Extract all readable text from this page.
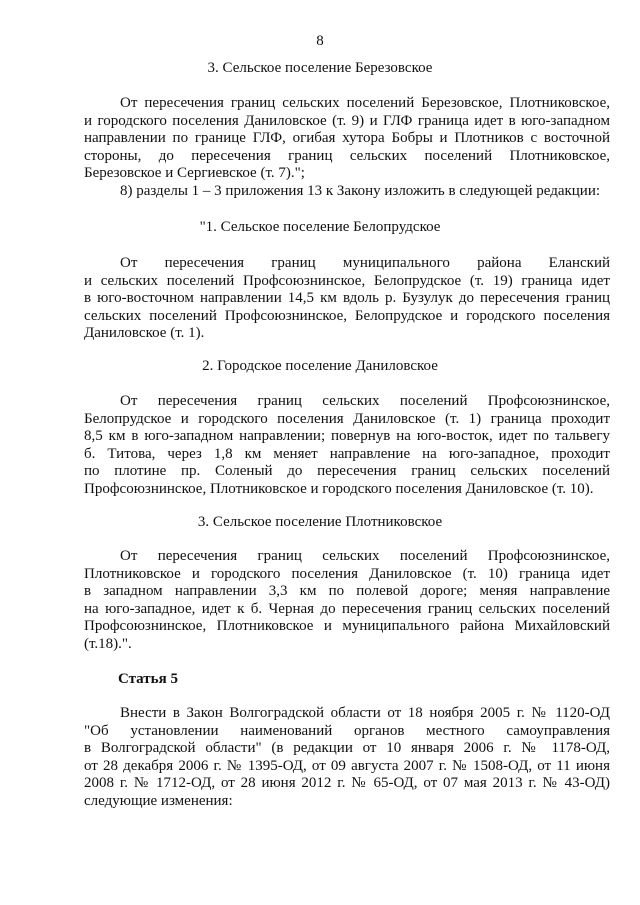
8
3. Сельское поселение Березовское
От пересечения границ сельских поселений Березовское, Плотниковское,
и городского поселения Даниловское (т. 9) и ГЛФ граница идет в юго-западном
направлении по границе ГЛФ, огибая хутора Бобры и Плотников с восточной
стороны, до пересечения границ сельских поселений Плотниковское,
Березовское и Сергиевское (т. 7).";
8) разделы 1 – 3 приложения 13 к Закону изложить в следующей редакции:
"1. Сельское поселение Белопрудское
От пересечения границ муниципального района Еланский
и сельских поселений Профсоюзнинское, Белопрудское (т. 19) граница идет
в юго-восточном направлении 14,5 км вдоль р. Бузулук до пересечения границ
сельских поселений Профсоюзнинское, Белопрудское и городского поселения
Даниловское (т. 1).
2. Городское поселение Даниловское
От пересечения границ сельских поселений Профсоюзнинское,
Белопрудское и городского поселения Даниловское (т. 1) граница проходит
8,5 км в юго-западном направлении; повернув на юго-восток, идет по тальвегу
б. Титова, через 1,8 км меняет направление на юго-западное, проходит
по плотине пр. Соленый до пересечения границ сельских поселений
Профсоюзнинское, Плотниковское и городского поселения Даниловское (т. 10).
3. Сельское поселение Плотниковское
От пересечения границ сельских поселений Профсоюзнинское,
Плотниковское и городского поселения Даниловское (т. 10) граница идет
в западном направлении 3,3 км по полевой дороге; меняя направление
на юго-западное, идет к б. Черная до пересечения границ сельских поселений
Профсоюзнинское, Плотниковское и муниципального района Михайловский
(т.18).".
Статья 5
Внести в Закон Волгоградской области от 18 ноября 2005 г. № 1120-ОД
"Об установлении наименований органов местного самоуправления
в Волгоградской области" (в редакции от 10 января 2006 г. № 1178-ОД,
от 28 декабря 2006 г. № 1395-ОД, от 09 августа 2007 г. № 1508-ОД, от 11 июня
2008 г. № 1712-ОД, от 28 июня 2012 г. № 65-ОД, от 07 мая 2013 г. № 43-ОД)
следующие изменения:
